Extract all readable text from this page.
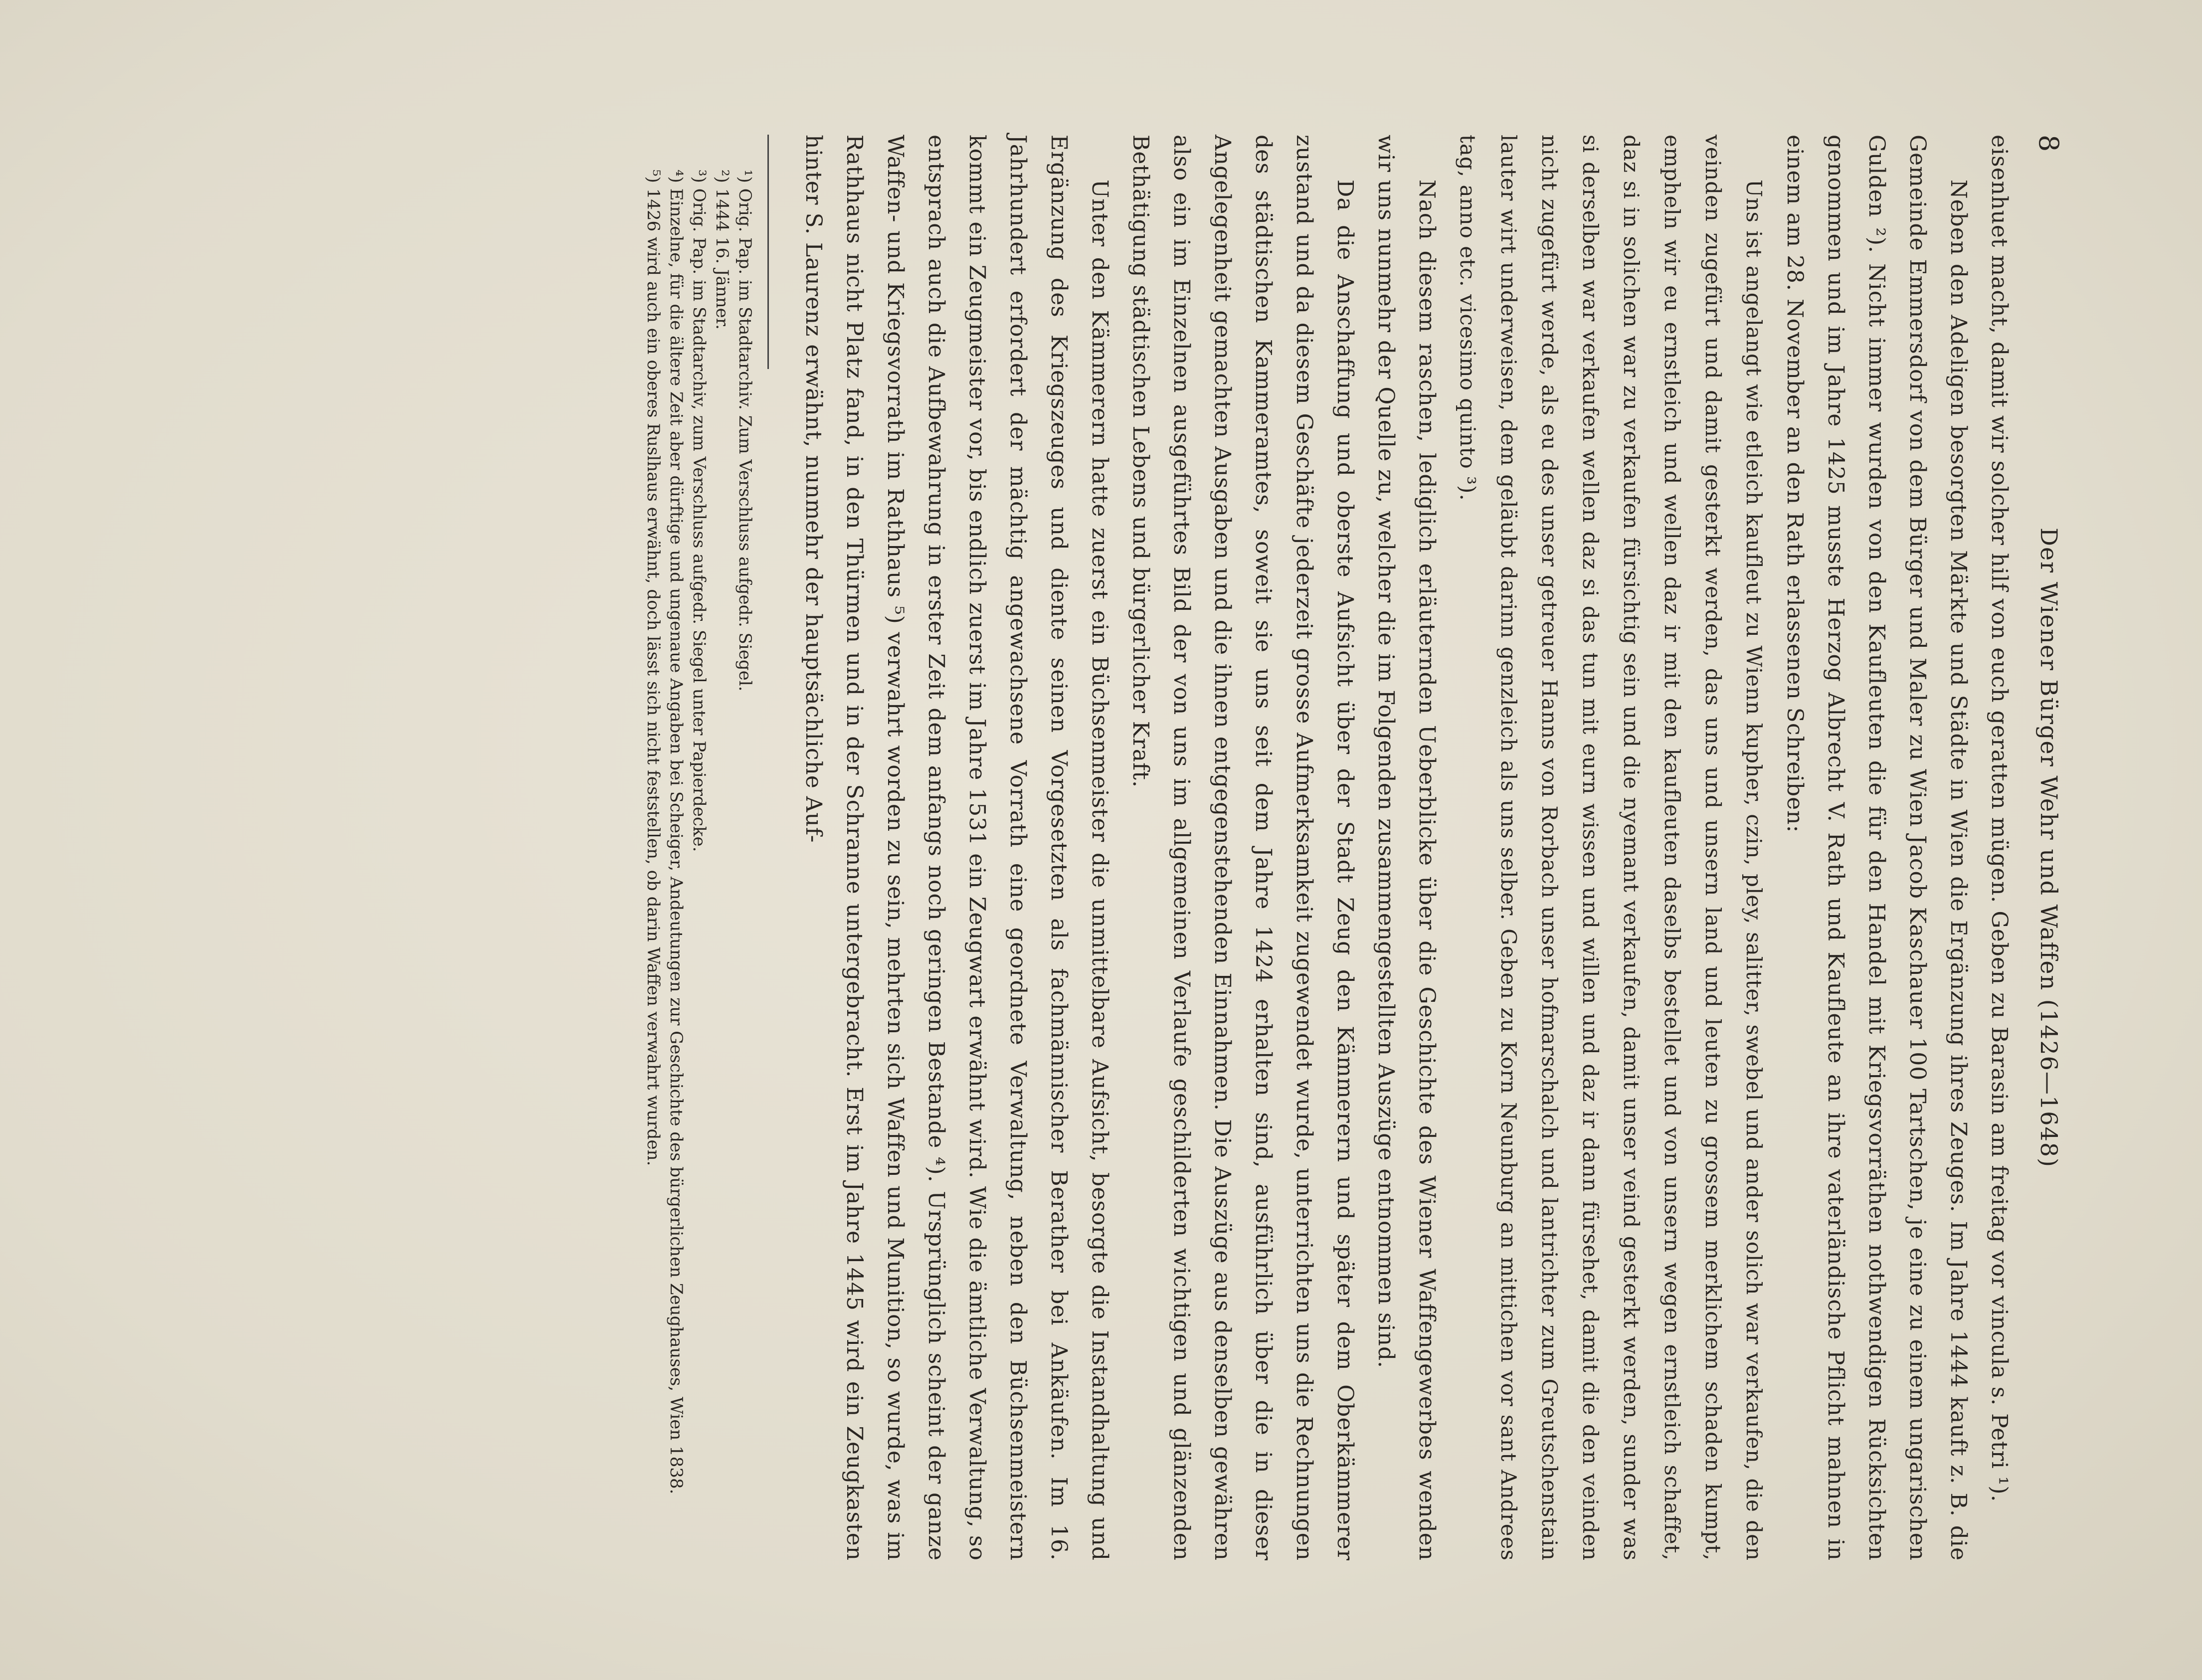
8
Der Wiener Bürger Wehr und Waffen (1426—1648)

eisenhuet macht, damit wir solcher hilf von euch geratten mügen. Geben zu Barasin am freitag vor vincula s. Petri ¹).

Neben den Adeligen besorgten Märkte und Städte in Wien die Ergänzung ihres Zeuges. Im Jahre 1444 kauft z. B. die Gemeinde Emmersdorf von dem Bürger und Maler zu Wien Jacob Kaschauer 100 Tartschen, je eine zu einem ungarischen Gulden ²). Nicht immer wurden von den Kaufleuten die für den Handel mit Kriegsvorräthen nothwendigen Rücksichten genommen und im Jahre 1425 musste Herzog Albrecht V. Rath und Kaufleute an ihre vaterländische Pflicht mahnen in einem am 28. November an den Rath erlassenen Schreiben:

Uns ist angelangt wie etleich kaufleut zu Wienn kupher, czin, pley, salitter, swebel und ander solich war verkaufen, die den veinden zugefürt und damit gesterkt werden, das uns und unsern land und leuten zu grossem merklichem schaden kumpt, empheln wir eu ernstleich und wellen daz ir mit den kaufleuten daselbs bestellet und von unsern wegen ernstleich schaffet, daz si in solichen war zu verkaufen fürsichtig sein und die nyemant verkaufen, damit unser veind gesterkt werden, sunder was si derselben war verkaufen wellen daz si das tun mit eurn wissen und willen und daz ir dann fürsehet, damit die den veinden nicht zugefürt werde, als eu des unser getreuer Hanns von Rorbach unser hofmarschalch und lantrichter zum Greutschenstain lauter wirt underweisen, dem geläubt darinn genzleich als uns selber. Geben zu Korn Neunburg an mittichen vor sant Andrees tag, anno etc. vicesimo quinto ³).

Nach diesem raschen, lediglich erläuternden Ueberblicke über die Geschichte des Wiener Waffengewerbes wenden wir uns nunmehr der Quelle zu, welcher die im Folgenden zusammengestellten Auszüge entnommen sind.

Da die Anschaffung und oberste Aufsicht über der Stadt Zeug den Kämmerern und später dem Oberkämmerer zustand und da diesem Geschäfte jederzeit grosse Aufmerksamkeit zugewendet wurde, unterrichten uns die Rechnungen des städtischen Kammeramtes, soweit sie uns seit dem Jahre 1424 erhalten sind, ausführlich über die in dieser Angelegenheit gemachten Ausgaben und die ihnen entgegenstehenden Einnahmen. Die Auszüge aus denselben gewähren also ein im Einzelnen ausgeführtes Bild der von uns im allgemeinen Verlaufe geschilderten wichtigen und glänzenden Bethätigung städtischen Lebens und bürgerlicher Kraft.

Unter den Kämmerern hatte zuerst ein Büchsenmeister die unmittelbare Aufsicht, besorgte die Instandhaltung und Ergänzung des Kriegszeuges und diente seinen Vorgesetzten als fachmännischer Berather bei Ankäufen. Im 16. Jahrhundert erfordert der mächtig angewachsene Vorrath eine geordnete Verwaltung, neben den Büchsenmeistern kommt ein Zeugmeister vor, bis endlich zuerst im Jahre 1531 ein Zeugwart erwähnt wird. Wie die ämtliche Verwaltung, so entsprach auch die Aufbewahrung in erster Zeit dem anfangs noch geringen Bestande ⁴). Ursprünglich scheint der ganze Waffen- und Kriegsvorrath im Rathhaus ⁵) verwahrt worden zu sein, mehrten sich Waffen und Munition, so wurde, was im Rathhaus nicht Platz fand, in den Thürmen und in der Schranne untergebracht. Erst im Jahre 1445 wird ein Zeugkasten hinter S. Laurenz erwähnt, nunmehr der hauptsächliche Auf-

¹) Orig. Pap. im Stadtarchiv. Zum Verschluss aufgedr. Siegel.

²) 1444 16. Jänner.

³) Orig. Pap. im Stadtarchiv, zum Verschluss aufgedr. Siegel unter Papierdecke.

⁴) Einzelne, für die ältere Zeit aber dürftige und ungenaue Angaben bei Scheiger, Andeutungen zur Geschichte des bürgerlichen Zeughauses, Wien 1838.

⁵) 1426 wird auch ein oberes Ruslhaus erwähnt, doch lässt sich nicht feststellen, ob darin Waffen verwahrt wurden.
